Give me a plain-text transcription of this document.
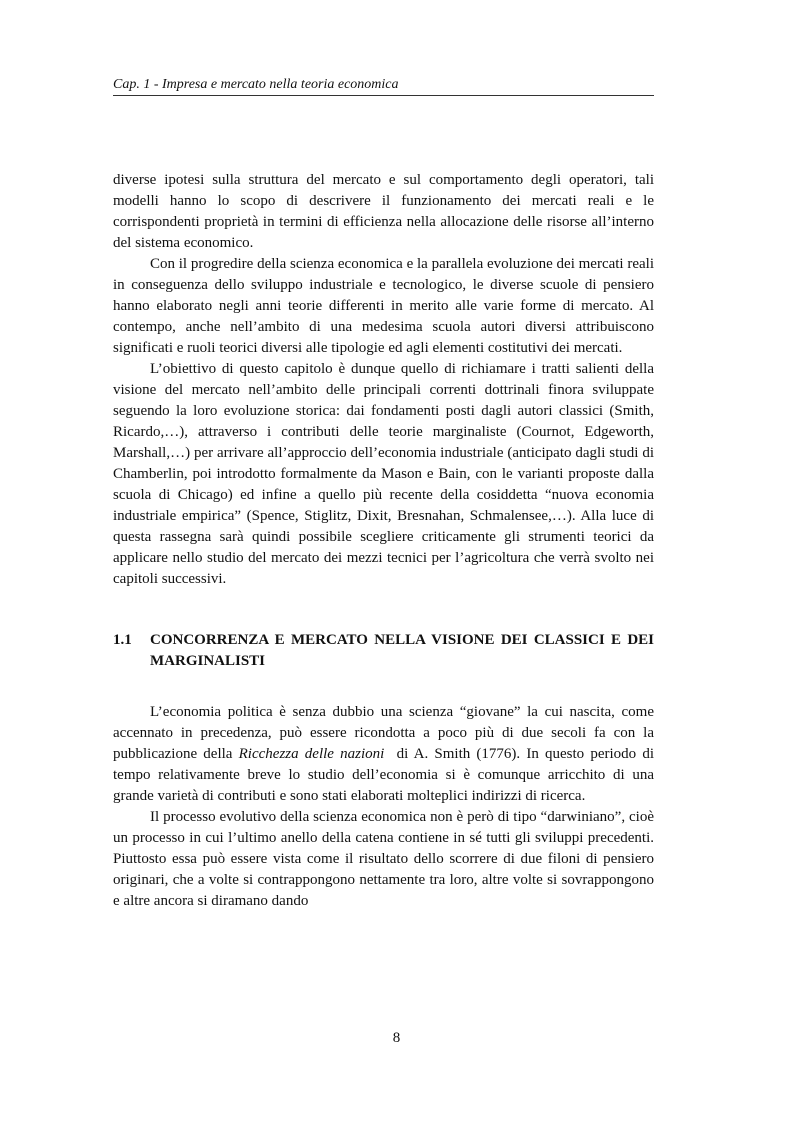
Cap. 1 - Impresa e mercato nella teoria economica

diverse ipotesi sulla struttura del mercato e sul comportamento degli operatori, tali modelli hanno lo scopo di descrivere il funzionamento dei mercati reali e le corrispondenti proprietà in termini di efficienza nella allocazione delle risorse all’interno del sistema economico.

Con il progredire della scienza economica e la parallela evoluzione dei mercati reali in conseguenza dello sviluppo industriale e tecnologico, le diverse scuole di pensiero hanno elaborato negli anni teorie differenti in merito alle varie forme di mercato. Al contempo, anche nell’ambito di una medesima scuola autori diversi attribuiscono significati e ruoli teorici diversi alle tipologie ed agli elementi costitutivi dei mercati.

L’obiettivo di questo capitolo è dunque quello di richiamare i tratti salienti della visione del mercato nell’ambito delle principali correnti dottrinali finora sviluppate seguendo la loro evoluzione storica: dai fondamenti posti dagli autori classici (Smith, Ricardo,…), attraverso i contributi delle teorie marginaliste (Cournot, Edgeworth, Marshall,…) per arrivare all’approccio dell’economia industriale (anticipato dagli studi di Chamberlin, poi introdotto formalmente da Mason e Bain, con le varianti proposte dalla scuola di Chicago) ed infine a quello più recente della cosiddetta “nuova economia industriale empirica” (Spence, Stiglitz, Dixit, Bresnahan, Schmalensee,…). Alla luce di questa rassegna sarà quindi possibile scegliere criticamente gli strumenti teorici da applicare nello studio del mercato dei mezzi tecnici per l’agricoltura che verrà svolto nei capitoli successivi.

1.1	CONCORRENZA E MERCATO NELLA VISIONE DEI CLASSICI E DEI MARGINALISTI

L’economia politica è senza dubbio una scienza “giovane” la cui nascita, come accennato in precedenza, può essere ricondotta a poco più di due secoli fa con la pubblicazione della Ricchezza delle nazioni  di A. Smith (1776). In questo periodo di tempo relativamente breve lo studio dell’economia si è comunque arricchito di una grande varietà di contributi e sono stati elaborati molteplici indirizzi di ricerca.

Il processo evolutivo della scienza economica non è però di tipo “darwiniano”, cioè un processo in cui l’ultimo anello della catena contiene in sé tutti gli sviluppi precedenti. Piuttosto essa può essere vista come il risultato dello scorrere di due filoni di pensiero originari, che a volte si contrappongono nettamente tra loro, altre volte si sovrappongono e altre ancora si diramano dando

8
